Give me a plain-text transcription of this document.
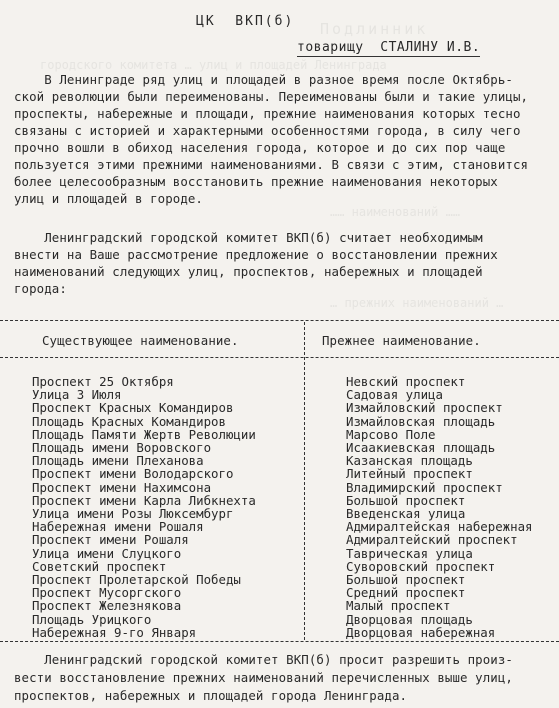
Подлинник
городского комитета … улиц и площадей Ленинграда
…… наименований ……
… прежних наименований …
ЦК  ВКП(б)
товарищу  СТАЛИНУ И.В.
В Ленинграде ряд улиц и площадей в разное время после Октябрь-
ской революции были переименованы. Переименованы были и такие улицы,
проспекты, набережные и площади, прежние наименования которых тесно
связаны с историей и характерными особенностями города, в силу чего
прочно вошли в обиход населения города, которое и до сих пор чаще
пользуется этими прежними наименованиями. В связи с этим, становится
более целесообразным восстановить прежние наименования некоторых
улиц и площадей в городе.
Ленинградский городской комитет ВКП(б) считает необходимым
внести на Ваше рассмотрение предложение о восстановлении прежних
наименований следующих улиц, проспектов, набережных и площадей
города:
Существующее наименование.	Прежнее наименование.
Проспект 25 Октября
Улица 3 Июля
Проспект Красных Командиров
Площадь Красных Командиров
Площадь Памяти Жертв Революции
Площадь имени Воровского
Площадь имени Плеханова
Проспект имени Володарского
Проспект имени Нахимсона
Проспект имени Карла Либкнехта
Улица имени Розы Люксембург
Набережная имени Рошаля
Проспект имени Рошаля
Улица имени Слуцкого
Советский проспект
Проспект Пролетарской Победы
Проспект Мусоргского
Проспект Железнякова
Площадь Урицкого
Набережная 9-го Января
Невский проспект
Садовая улица
Измайловский проспект
Измайловская площадь
Марсово Поле
Исаакиевская площадь
Казанская площадь
Литейный проспект
Владимирский проспект
Большой проспект
Введенская улица
Адмиралтейская набережная
Адмиралтейский проспект
Таврическая улица
Суворовский проспект
Большой проспект
Средний проспект
Малый проспект
Дворцовая площадь
Дворцовая набережная
Ленинградский городской комитет ВКП(б) просит разрешить произ-
вести восстановление прежних наименований перечисленных выше улиц,
проспектов, набережных и площадей города Ленинграда.
